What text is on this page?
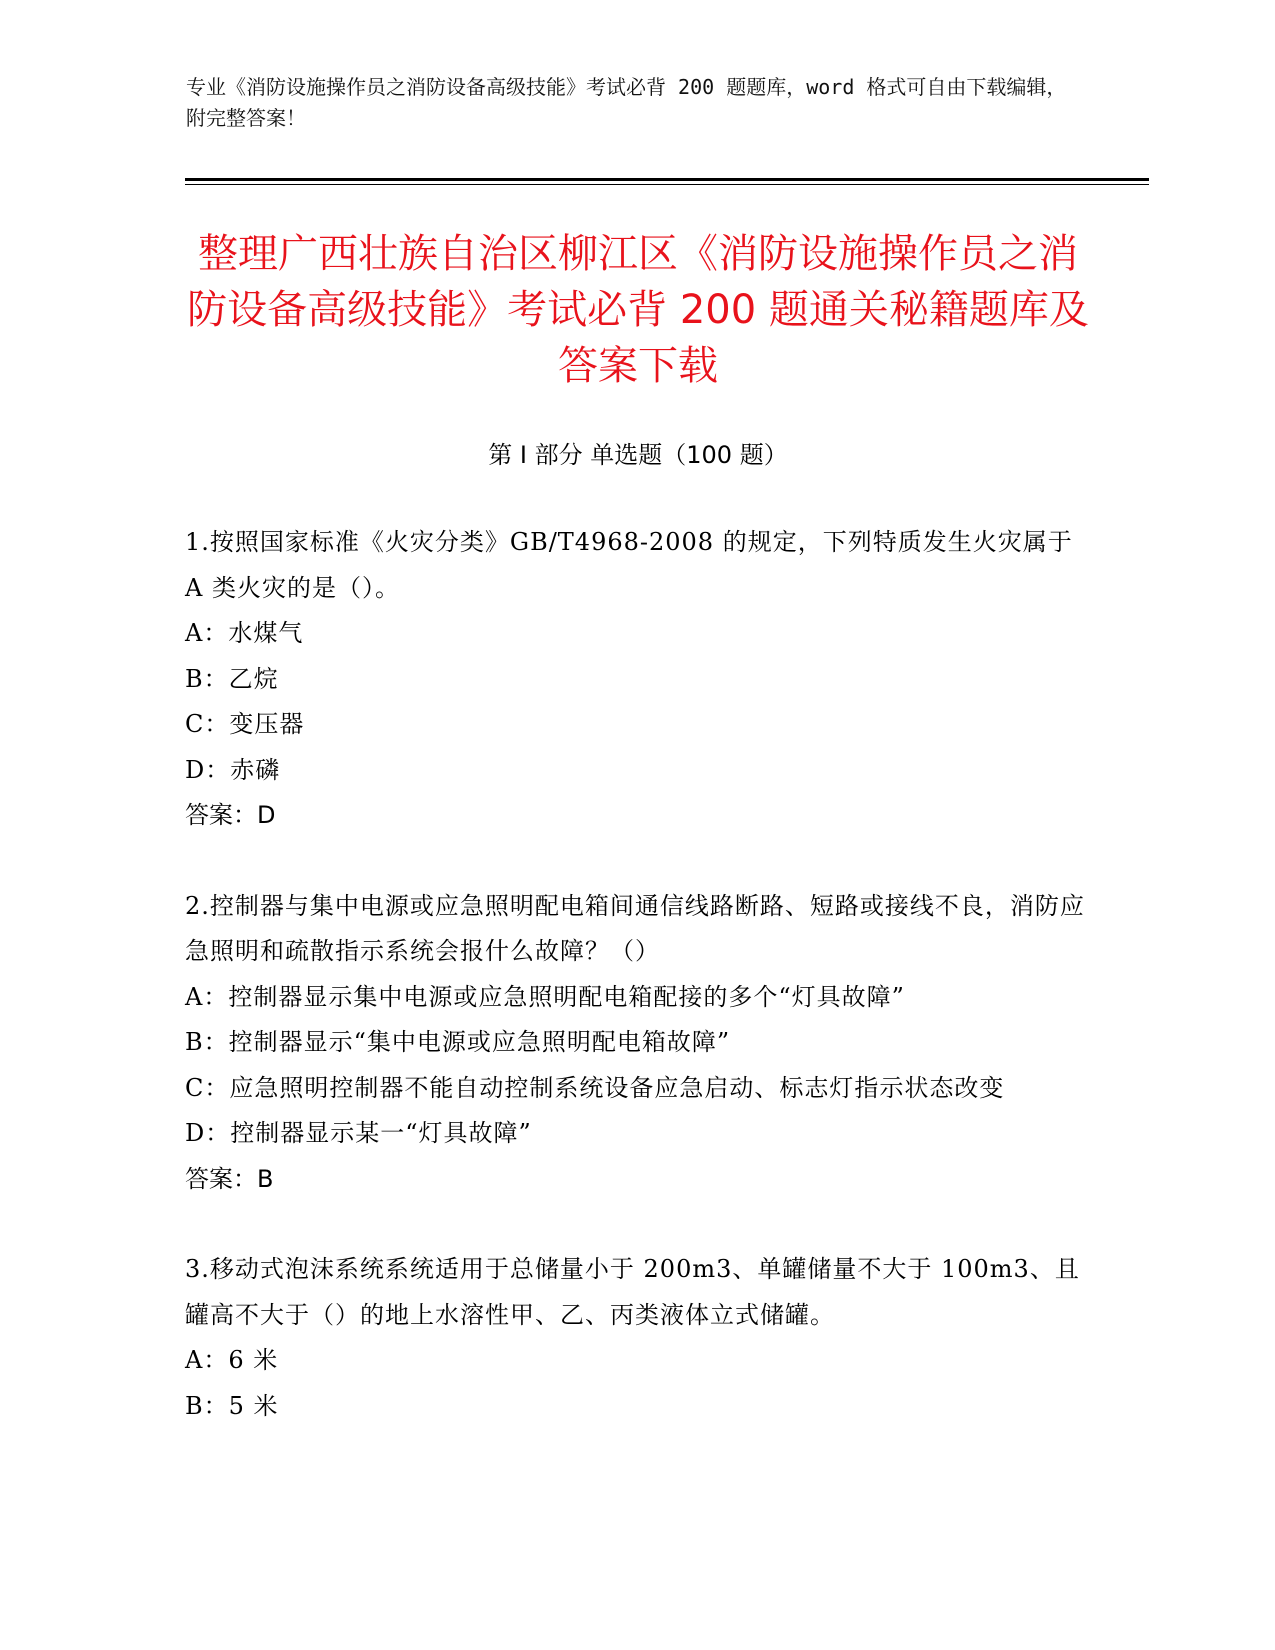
专业《消防设施操作员之消防设备高级技能》考试必背 200 题题库，word 格式可自由下载编辑，附完整答案！
整理广西壮族自治区柳江区《消防设施操作员之消防设备高级技能》考试必背 200 题通关秘籍题库及答案下载
第 I 部分 单选题（100 题）

1.按照国家标准《火灾分类》GB/T4968-2008 的规定，下列特质发生火灾属于 A 类火灾的是（）。

A：水煤气

B：乙烷

C：变压器

D：赤磷

答案：D

2.控制器与集中电源或应急照明配电箱间通信线路断路、短路或接线不良，消防应急照明和疏散指示系统会报什么故障？（）

A：控制器显示集中电源或应急照明配电箱配接的多个“灯具故障”

B：控制器显示“集中电源或应急照明配电箱故障”

C：应急照明控制器不能自动控制系统设备应急启动、标志灯指示状态改变

D：控制器显示某一“灯具故障”

答案：B

3.移动式泡沫系统系统适用于总储量小于 200m3、单罐储量不大于 100m3、且罐高不大于（）的地上水溶性甲、乙、丙类液体立式储罐。

A：6 米

B：5 米
